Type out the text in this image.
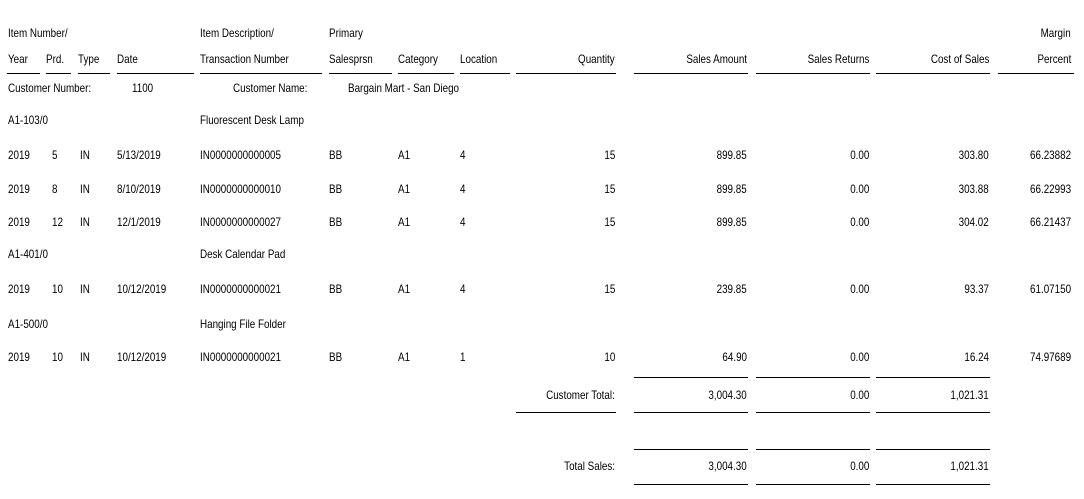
Item Number/	Item Description/	Primary	Margin
Year Prd. Type Date	Transaction Number	Salesprsn Category Location	Quantity	Sales Amount	Sales Returns	Cost of Sales	Percent
Customer Number:	1100	Customer Name:	Bargain Mart - San Diego
A1-103/0	Fluorescent Desk Lamp
2019 5 IN 5/13/2019	IN0000000000005	BB	A1	4	15	899.85	0.00	303.80	66.23882
2019 8 IN 8/10/2019	IN0000000000010	BB	A1	4	15	899.85	0.00	303.88	66.22993
2019 12 IN 12/1/2019	IN0000000000027	BB	A1	4	15	899.85	0.00	304.02	66.21437
A1-401/0	Desk Calendar Pad
2019 10 IN 10/12/2019	IN0000000000021	BB	A1	4	15	239.85	0.00	93.37	61.07150
A1-500/0	Hanging File Folder
2019 10 IN 10/12/2019	IN0000000000021	BB	A1	1	10	64.90	0.00	16.24	74.97689
Customer Total:	3,004.30	0.00	1,021.31
Total Sales:	3,004.30	0.00	1,021.31
